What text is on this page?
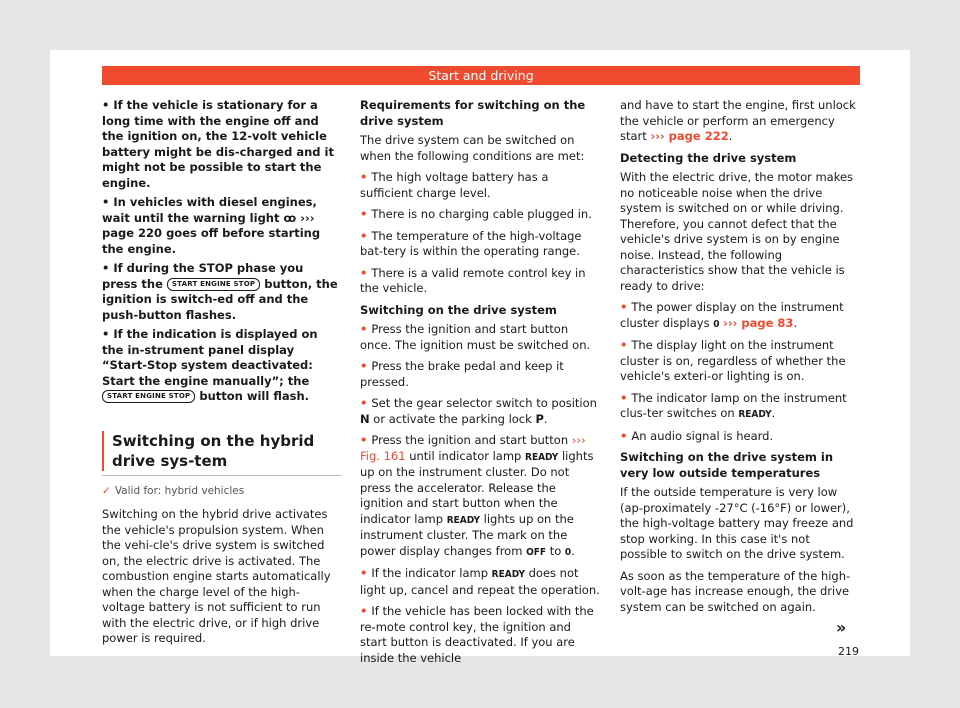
Start and driving

• If the vehicle is stationary for a long time with the engine off and the ignition on, the 12-volt vehicle battery might be dis-charged and it might not be possible to start the engine.

• In vehicles with diesel engines, wait until the warning light ꝏ ››› page 220 goes off before starting the engine.

• If during the STOP phase you press the START ENGINE STOP button, the ignition is switch-ed off and the push-button flashes.

• If the indication is displayed on the in-strument panel display “Start-Stop system deactivated: Start the engine manually”; the START ENGINE STOP button will flash.

Switching on the hybrid drive sys-tem
✓ Valid for: hybrid vehicles

Switching on the hybrid drive activates the vehicle's propulsion system. When the vehi-cle's drive system is switched on, the electric drive is activated. The combustion engine starts automatically when the charge level of the high-voltage battery is not sufficient to run with the electric drive, or if high drive power is required.

Requirements for switching on the drive system

The drive system can be switched on when the following conditions are met:

• The high voltage battery has a sufficient charge level.

• There is no charging cable plugged in.

• The temperature of the high-voltage bat-tery is within the operating range.

• There is a valid remote control key in the vehicle.

Switching on the drive system

• Press the ignition and start button once. The ignition must be switched on.

• Press the brake pedal and keep it pressed.

• Set the gear selector switch to position N or activate the parking lock P.

• Press the ignition and start button ››› Fig. 161 until indicator lamp READY lights up on the instrument cluster. Do not press the accelerator. Release the ignition and start button when the indicator lamp READY lights up on the instrument cluster. The mark on the power display changes from OFF to 0.

• If the indicator lamp READY does not light up, cancel and repeat the operation.

• If the vehicle has been locked with the re-mote control key, the ignition and start button is deactivated. If you are inside the vehicle

and have to start the engine, first unlock the vehicle or perform an emergency start ››› page 222.

Detecting the drive system

With the electric drive, the motor makes no noticeable noise when the drive system is switched on or while driving. Therefore, you cannot defect that the vehicle's drive system is on by engine noise. Instead, the following characteristics show that the vehicle is ready to drive:

• The power display on the instrument cluster displays 0 ››› page 83.

• The display light on the instrument cluster is on, regardless of whether the vehicle's exteri-or lighting is on.

• The indicator lamp on the instrument clus-ter switches on READY.

• An audio signal is heard.

Switching on the drive system in very low outside temperatures

If the outside temperature is very low (ap-proximately -27°C (-16°F) or lower), the high-voltage battery may freeze and stop working. In this case it's not possible to switch on the drive system.

As soon as the temperature of the high-volt-age has increase enough, the drive system can be switched on again.

»
219
